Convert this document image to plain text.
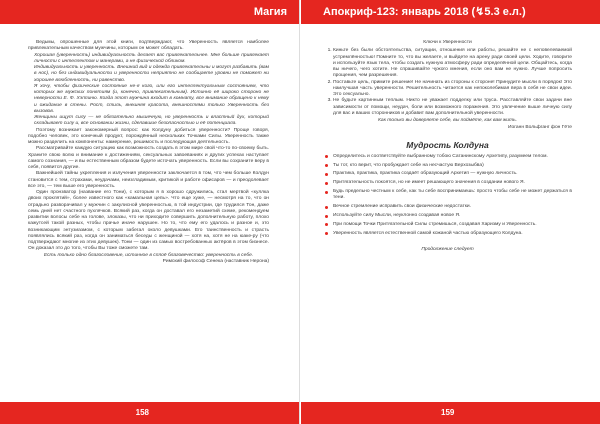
Магия

Ведьмы, опрошенные для этой книги, подтверждают, что Уверенность является наиболее привлекательным качеством мужчины, которым он может обладать.

Хорошая (уверенность) индивидуальность делает вас привлекательнее. Мне больше привлекает личности с интеллектом и манерами, а не физической обликом.

Индивидуальность и уверенность. Внешний вид и одежда привлекательны и могут разбавить (вам в нос), но без индивидуальности и уверенности неприятно не сообщаете уровни не поможет ни хорошее влюбленность, ни равенство.

Я хочу, чтобы физические состояние не-я кого, или его интеллектуальным состоянием, что которых же мужских понятиям (и, конечно, привлекательным). Истинно её широко стороно не неверности Е. Ф. Хэппиню. Когда этот мужчина входит в комнату, все внимание обращено к нему и ожидание в стены. Рост, стиль, внешняя красота, внешностями только Уверенность без вызовов.

Женщины ищут силу — не обязательно мышечную, но уверенность и властный дух, который складывает силу и, все основании жизни, сделавшие безопасностью и её потенциала.

Поэтому возникает закономерный вопрос: как Колдуну добиться уверенности? Проще говоря, подобно человек, это конечный продукт, порождённый нескольких Точками Силы. Уверенность также можно разделить на компоненты: намерение, решимость и последующая деятельность.

Рассматривайте каждую ситуацию как возможность создать в этом мире свой что-то по-своему быть. Храните свою волю и внимание к достижениям, сексуальных завоеваниях и других успехах наступает самого сознания, — и вы естественным образом будете источать уверенность. Если вы сохраните веру в себя, появится другие.

Важнейшей тайны укрепления и излучения уверенности заключается в том, что чем больше Колдун становится с тем, страхами, неудачами, неизгладимым, критикой и работе офисаров — и преодолевает все это, — тем выше его уверенность.

Один пронзватор (название его Тони), с которым я в хорошо сдружились, стал мертвой «куллка двоих проклятий», более известного как «камальная цепь». Что еще хуже, — несмотря на то, что он отрадьно разворачивал у мужчин с закулисной уверенностью, в той индустрии, где трудился Тон, даже семь дней нет счастного пухлячков. Всякий раз, когда он доставал его незаметий схеме, рекомендуем развитии волосы себе на голове, злоказы, что ни приходите совершить дополнительную работу, плохо кажутсей такой разных, чтобы прачье иначе нарушен. Но то, что ему его удалось и разное и, это возникающим энтузиазмом, с которым забегал около девушками. Его таинственность и страсть появлялись всякий раз, когда он заниматься беседы с женщиной — хотя на, хотя не на юаке-ру (что подтверждают многие из этих девушек). Тони — один из самых востребованных актёров в этом бизнесе. Он доказал это до того, чтобы Вы тоже сможете там.

Есть только одно благословение, истинное в сплоё благовечество: уверенность в себе.

Римский философ Сенека (наставник Нерона)

158
Апокриф-123: январь 2018 (↯5.3 е.л.)
Ключи к Уверенности
1. Киньте без были обстоятельства, ситуации, отношения или работы, решайте не с неповелеваемой устремлённостью! Помните то, что вы желаете, и выйдете на арену ради своей цели. Ходите, говорите и используйте язык тела, чтобы создать нужную атмосферу ради определённой цели. Общайтесь, когда вы ничего, чего хотите. Не спрашивайте чужого мнения, если оно вам не нужно. Лучше попросить прощения, чем разрешения.
2. Поставьте цель, примите решение! Не начинать из стороны к стороне! Принудите мысли в порядок! Это наилучшая часть уверенности. Решительность читается как непоколебимая вера в себя не свои идеи. Это сексуально.
3. Не будьте картинным теплым. Никто не уважает подделку или труса. Расставляйте свои задачи вне зависимости от помощи, неудач, боли или возможного поражения. Это увлечение выше личную силу для вас и ваших сторонников и добавит вам дополнительной уверенности.
Как только вы доверяете себе, вы поймёте, как вам жить.
Иоганн Вольфганг фон Гёте
Мудрость Колдуна
Определитесь и соответствуйте выбранному тобою Сатанинскому Архетипу, разумеем телом.
Ты тот, кто верит, что пробуждает себе на несчастую Верхозыбва)
Практика, практика, практика создаёт образующий Архетип — нужную личность.
Притягательность покоятся, но не имеет решающего значения в создании нового Я.
Будь предельно честным к себе, как ты себе воспринимаешь: просто чтобы себе не может держаться в тени.
Вечное стремление исправить свои физические недостатки.
Используйте силу Мысли, неуклонно создавая новое Я.
При помощи Точки Притягательной Силы стремишься, создавая Харизму и Уверенность.
Уверенность является естественной самой кожаной частью образующего Колдуна.
Продолжение следует
159
